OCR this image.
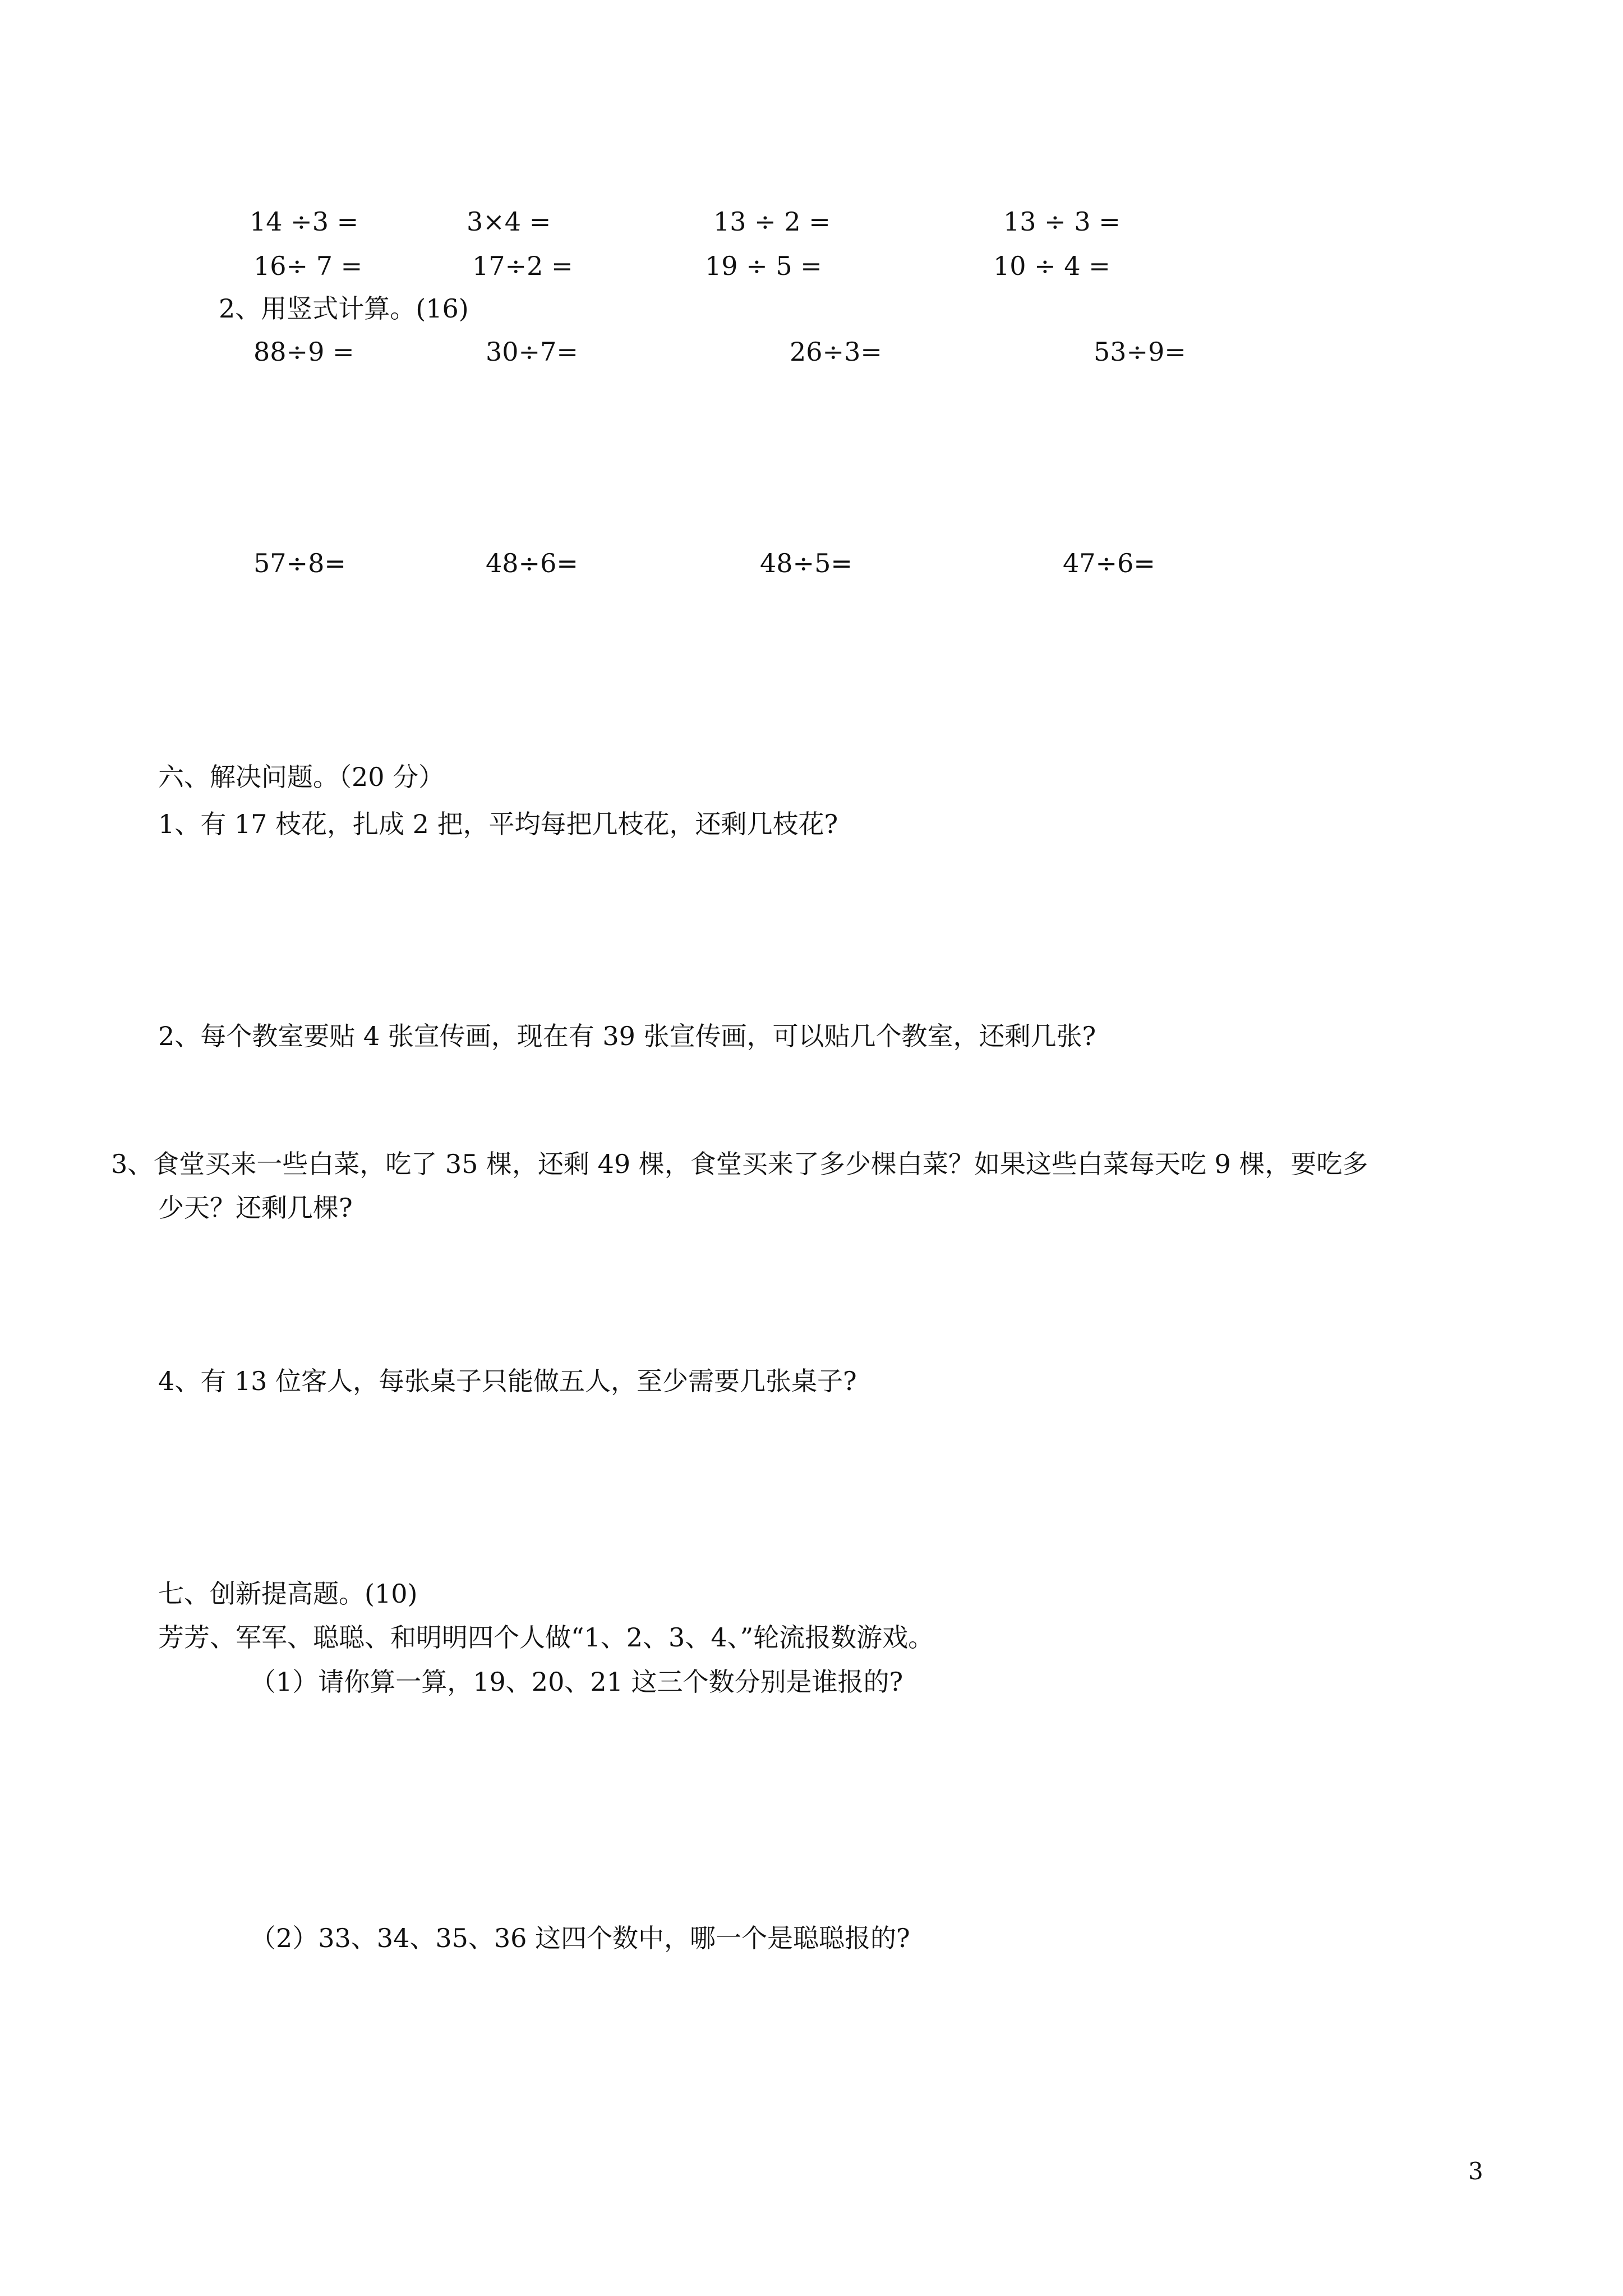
14 ÷3 =	3×4 =	13 ÷ 2 =	13 ÷ 3 =
16÷ 7 =	17÷2 =	19 ÷ 5 =	10 ÷ 4 =
2、用竖式计算。(16)
88÷9 =	30÷7=	26÷3=	53÷9=
57÷8=	48÷6=	48÷5=	47÷6=
六、解决问题。（20 分）
1、有 17 枝花，扎成 2 把，平均每把几枝花，还剩几枝花?
2、每个教室要贴 4 张宣传画，现在有 39 张宣传画，可以贴几个教室，还剩几张?
3、食堂买来一些白菜，吃了 35 棵，还剩 49 棵，食堂买来了多少棵白菜？如果这些白菜每天吃 9 棵，要吃多
少天？还剩几棵?
4、有 13 位客人，每张桌子只能做五人，至少需要几张桌子?
七、创新提高题。(10)
芳芳、军军、聪聪、和明明四个人做“1、2、3、4、”轮流报数游戏。
（1）请你算一算，19、20、21 这三个数分别是谁报的?
（2）33、34、35、36 这四个数中，哪一个是聪聪报的?
3
